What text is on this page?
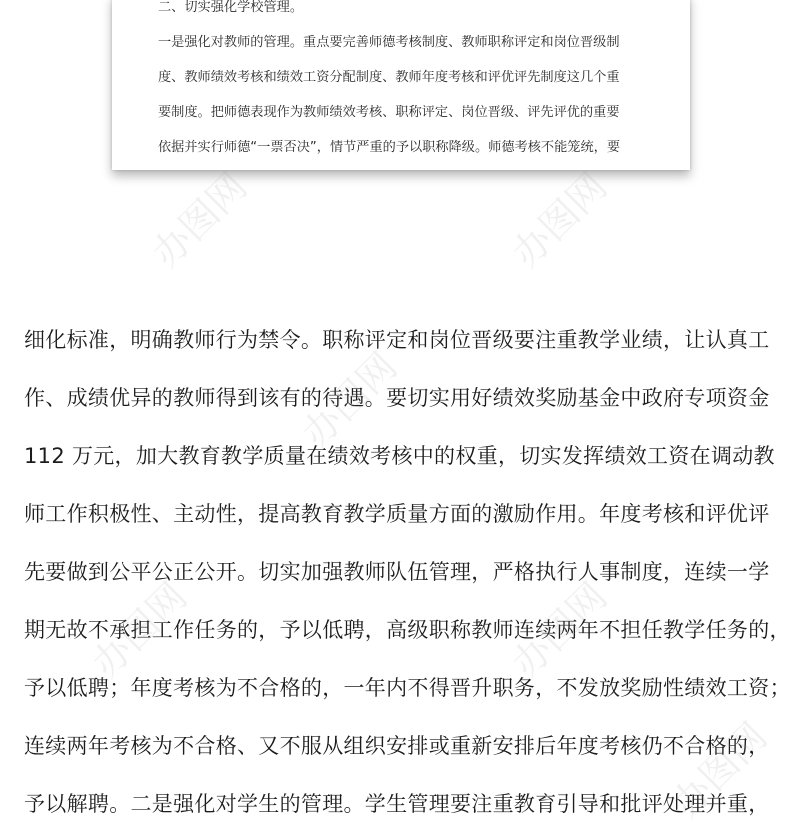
二、切实强化学校管理。
一是强化对教师的管理。重点要完善师德考核制度、教师职称评定和岗位晋级制
度、教师绩效考核和绩效工资分配制度、教师年度考核和评优评先制度这几个重
要制度。把师德表现作为教师绩效考核、职称评定、岗位晋级、评先评优的重要
依据并实行师德“一票否决”，情节严重的予以职称降级。师德考核不能笼统，要
细化标准，明确教师行为禁令。职称评定和岗位晋级要注重教学业绩，让认真工
作、成绩优异的教师得到该有的待遇。要切实用好绩效奖励基金中政府专项资金
112 万元，加大教育教学质量在绩效考核中的权重，切实发挥绩效工资在调动教
师工作积极性、主动性，提高教育教学质量方面的激励作用。年度考核和评优评
先要做到公平公正公开。切实加强教师队伍管理，严格执行人事制度，连续一学
期无故不承担工作任务的，予以低聘，高级职称教师连续两年不担任教学任务的，
予以低聘；年度考核为不合格的，一年内不得晋升职务，不发放奖励性绩效工资；
连续两年考核为不合格、又不服从组织安排或重新安排后年度考核仍不合格的，
予以解聘。二是强化对学生的管理。学生管理要注重教育引导和批评处理并重，
办图网	办图网
办图网
办图网	办图网
办图网
